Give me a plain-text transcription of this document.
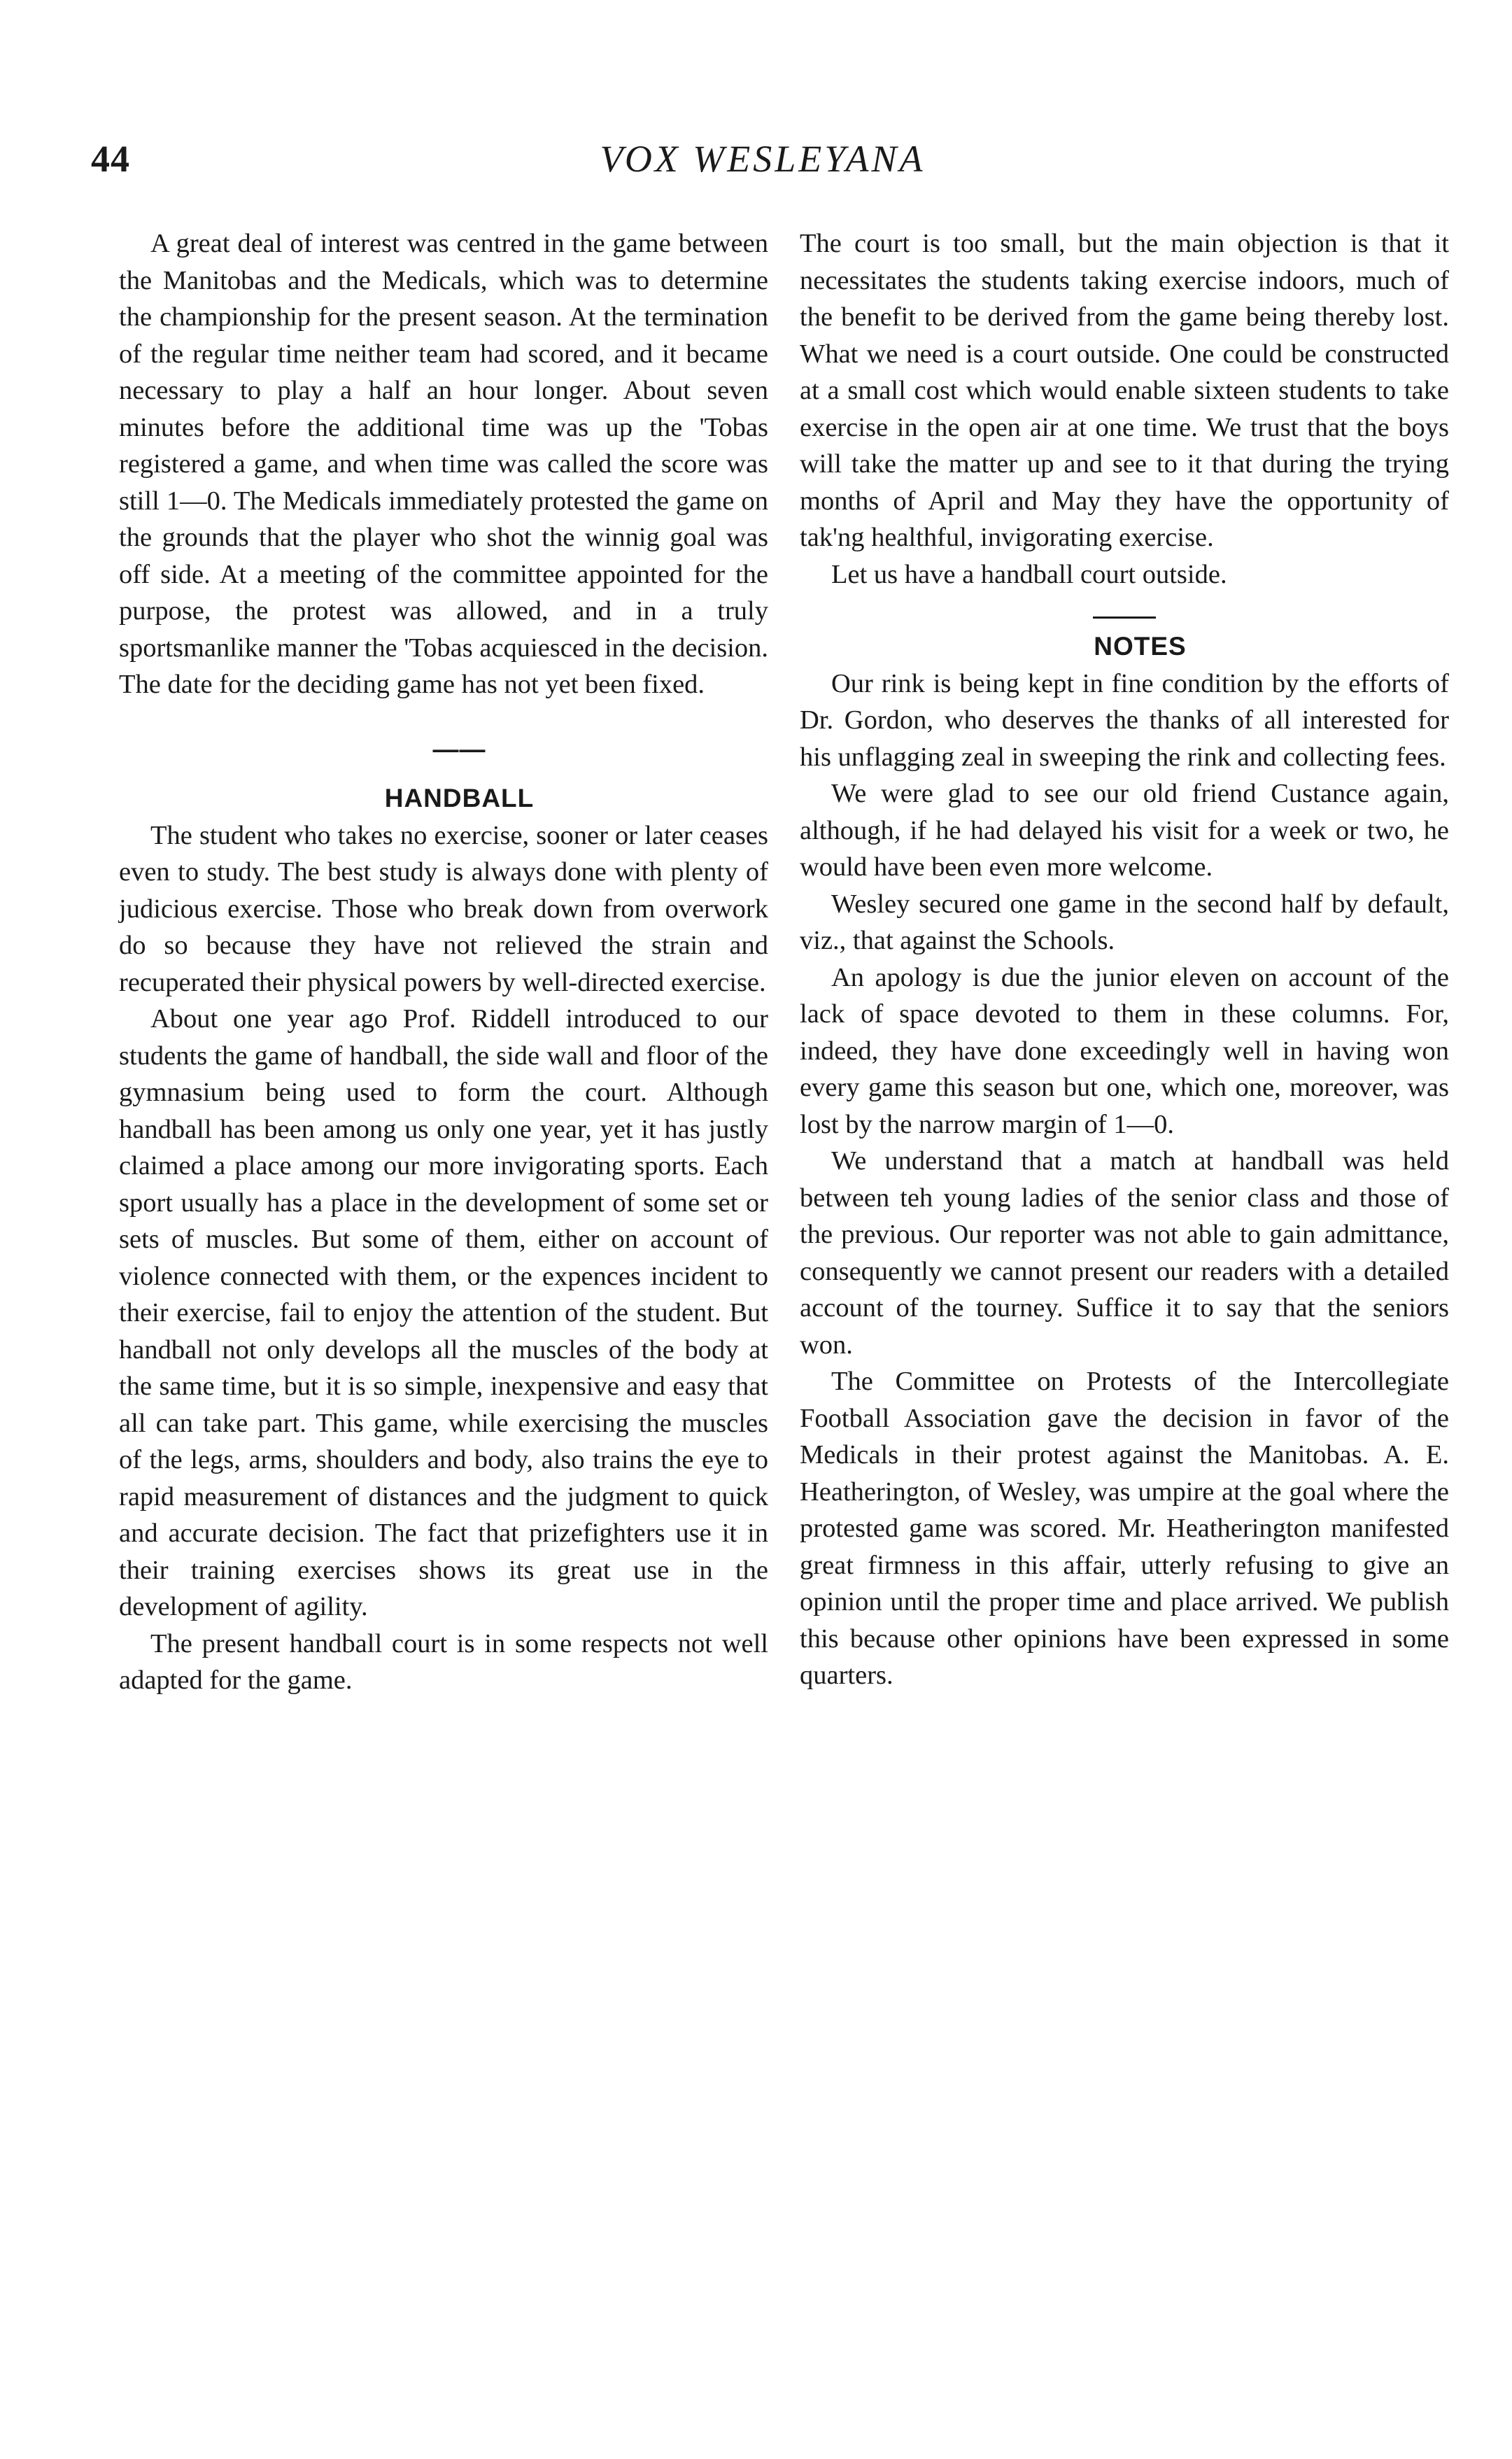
44	VOX WESLEYANA

A great deal of interest was centred in the game between the Manitobas and the Medicals, which was to determine the championship for the present season. At the termination of the regular time neither team had scored, and it became necessary to play a half an hour longer. About seven minutes before the additional time was up the 'Tobas registered a game, and when time was called the score was still 1—0. The Medicals immediately protested the game on the grounds that the player who shot the winnig goal was off side. At a meeting of the committee appointed for the purpose, the protest was allowed, and in a truly sportsmanlike manner the 'Tobas acquiesced in the decision. The date for the deciding game has not yet been fixed.

——

HANDBALL

The student who takes no exercise, sooner or later ceases even to study. The best study is always done with plenty of judicious exercise. Those who break down from overwork do so because they have not relieved the strain and recuperated their physical powers by well-directed exercise.

About one year ago Prof. Riddell introduced to our students the game of handball, the side wall and floor of the gymnasium being used to form the court. Although handball has been among us only one year, yet it has justly claimed a place among our more invigorating sports. Each sport usually has a place in the development of some set or sets of muscles. But some of them, either on account of violence connected with them, or the expences incident to their exercise, fail to enjoy the attention of the student. But handball not only develops all the muscles of the body at the same time, but it is so simple, inexpensive and easy that all can take part. This game, while exercising the muscles of the legs, arms, shoulders and body, also trains the eye to rapid measurement of distances and the judgment to quick and accurate decision. The fact that prizefighters use it in their training exercises shows its great use in the development of agility.

The present handball court is in some respects not well adapted for the game.

The court is too small, but the main objection is that it necessitates the students taking exercise indoors, much of the benefit to be derived from the game being thereby lost. What we need is a court outside. One could be constructed at a small cost which would enable sixteen students to take exercise in the open air at one time. We trust that the boys will take the matter up and see to it that during the trying months of April and May they have the opportunity of tak'ng healthful, invigorating exercise.

Let us have a handball court outside.

NOTES

Our rink is being kept in fine condition by the efforts of Dr. Gordon, who deserves the thanks of all interested for his unflagging zeal in sweeping the rink and collecting fees.

We were glad to see our old friend Custance again, although, if he had delayed his visit for a week or two, he would have been even more welcome.

Wesley secured one game in the second half by default, viz., that against the Schools.

An apology is due the junior eleven on account of the lack of space devoted to them in these columns. For, indeed, they have done exceedingly well in having won every game this season but one, which one, moreover, was lost by the narrow margin of 1—0.

We understand that a match at handball was held between teh young ladies of the senior class and those of the previous. Our reporter was not able to gain admittance, consequently we cannot present our readers with a detailed account of the tourney. Suffice it to say that the seniors won.

The Committee on Protests of the Intercollegiate Football Association gave the decision in favor of the Medicals in their protest against the Manitobas. A. E. Heatherington, of Wesley, was umpire at the goal where the protested game was scored. Mr. Heatherington manifested great firmness in this affair, utterly refusing to give an opinion until the proper time and place arrived. We publish this because other opinions have been expressed in some quarters.
